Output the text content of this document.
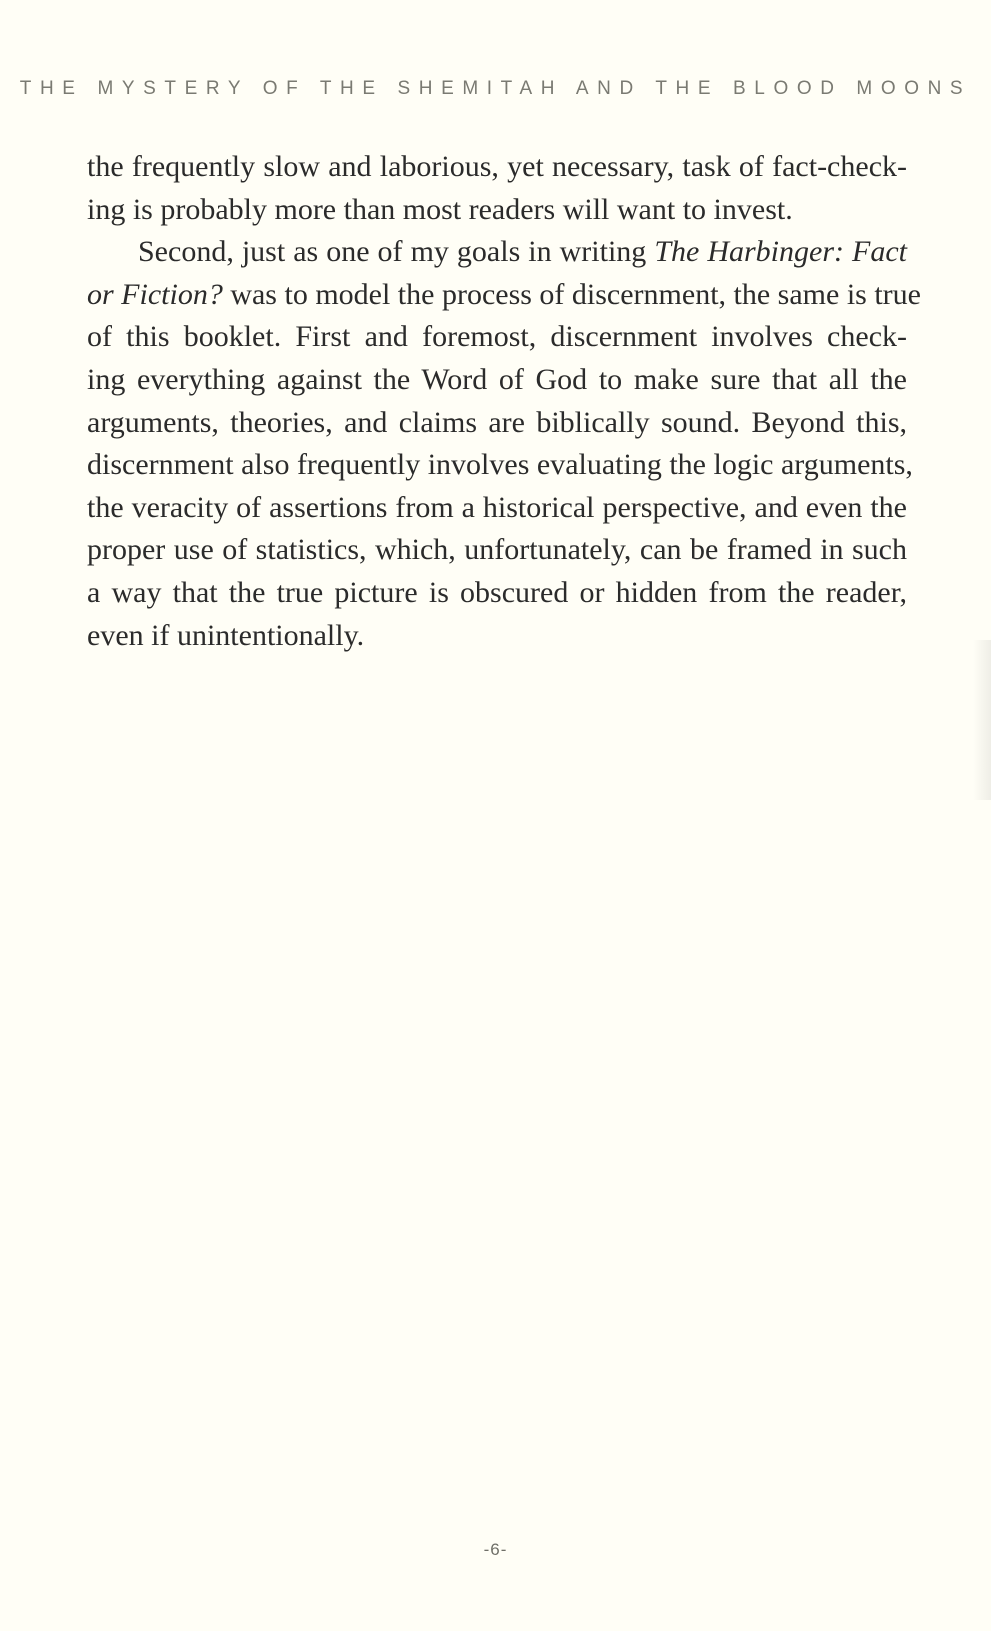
THE MYSTERY OF THE SHEMITAH AND THE BLOOD MOONS
the frequently slow and laborious, yet necessary, task of fact-check-
ing is probably more than most readers will want to invest.
Second, just as one of my goals in writing The Harbinger: Fact
or Fiction? was to model the process of discernment, the same is true
of this booklet. First and foremost, discernment involves check-
ing everything against the Word of God to make sure that all the
arguments, theories, and claims are biblically sound. Beyond this,
discernment also frequently involves evaluating the logic arguments,
the veracity of assertions from a historical perspective, and even the
proper use of statistics, which, unfortunately, can be framed in such
a way that the true picture is obscured or hidden from the reader,
even if unintentionally.
-6-
